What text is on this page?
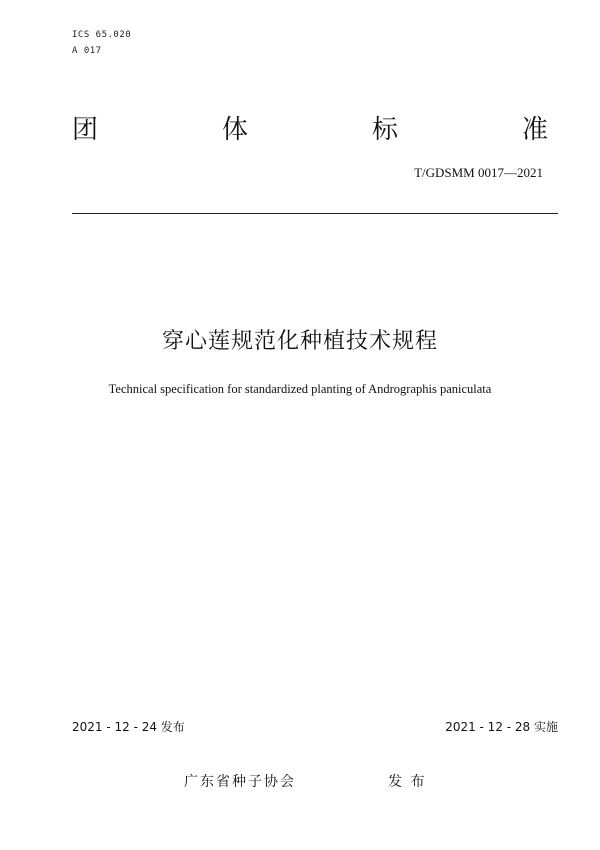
ICS 65.020
A 017
团	体	标	准
T/GDSMM 0017—2021
穿心莲规范化种植技术规程
Technical specification for standardized planting of Andrographis paniculata
2021 - 12 - 24 发布	2021 - 12 - 28 实施
广东省种子协会	发 布
